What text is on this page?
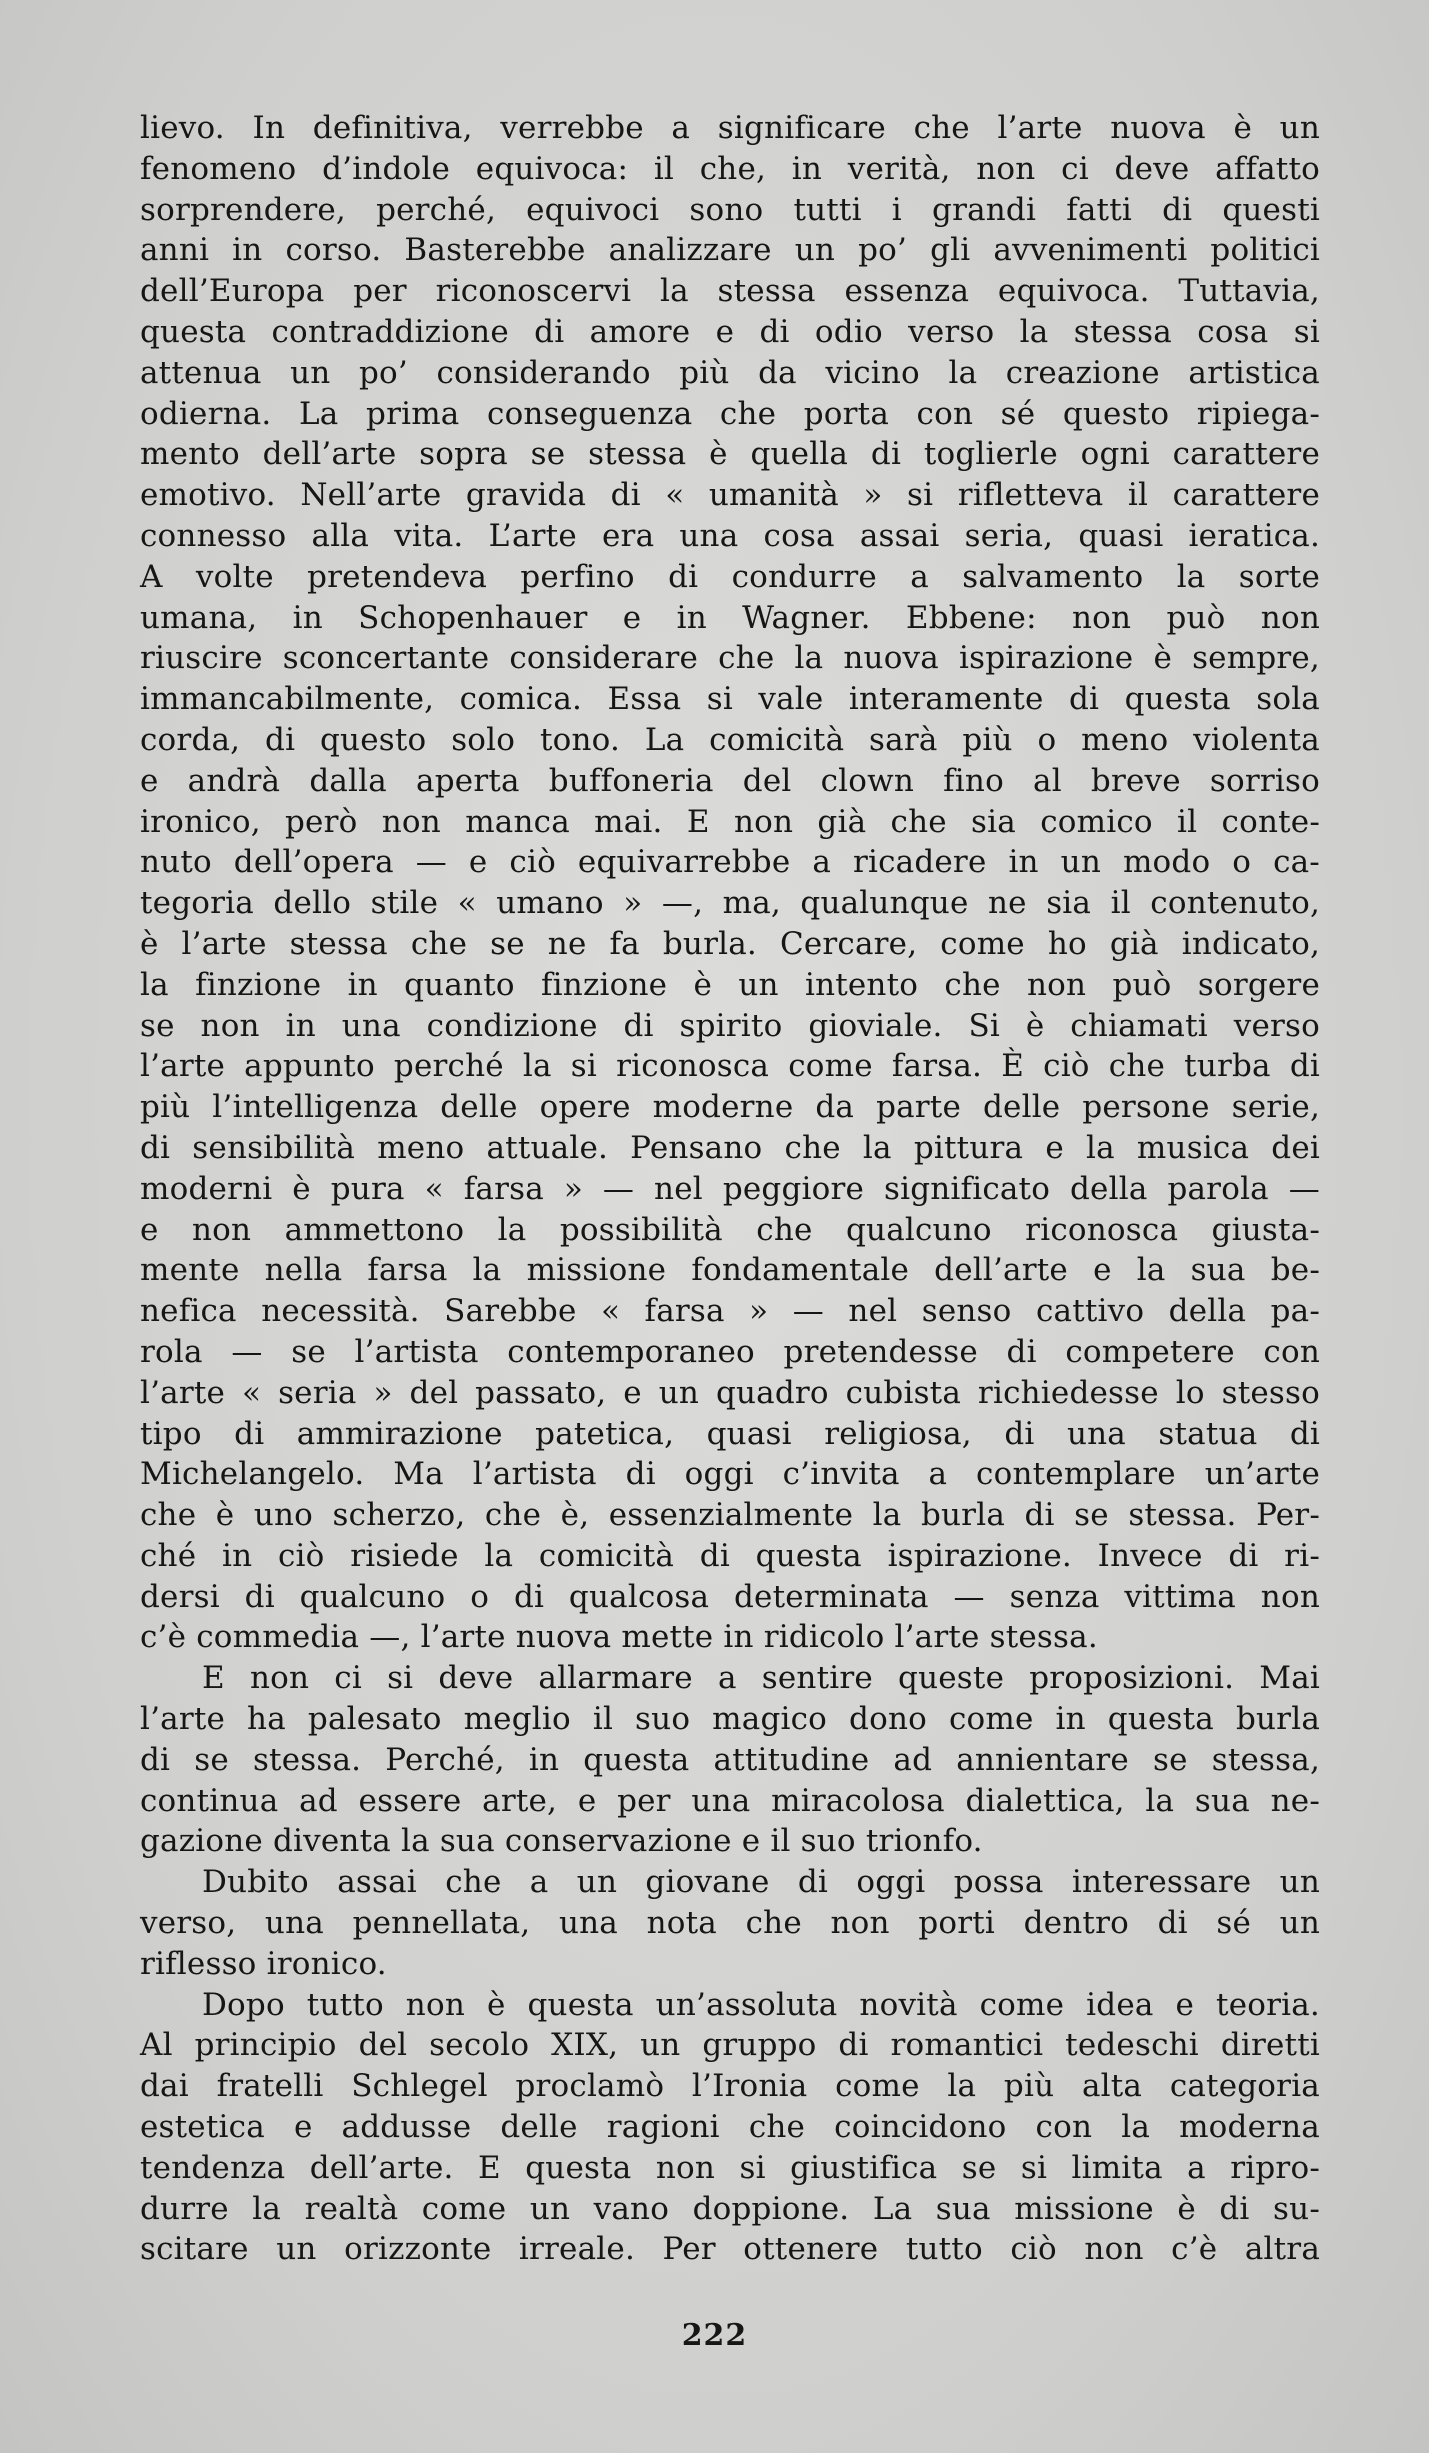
lievo. In definitiva, verrebbe a significare che l’arte nuova è un
fenomeno d’indole equivoca: il che, in verità, non ci deve affatto
sorprendere, perché, equivoci sono tutti i grandi fatti di questi
anni in corso. Basterebbe analizzare un po’ gli avvenimenti politici
dell’Europa per riconoscervi la stessa essenza equivoca. Tuttavia,
questa contraddizione di amore e di odio verso la stessa cosa si
attenua un po’ considerando più da vicino la creazione artistica
odierna. La prima conseguenza che porta con sé questo ripiega-
mento dell’arte sopra se stessa è quella di toglierle ogni carattere
emotivo. Nell’arte gravida di « umanità » si rifletteva il carattere
connesso alla vita. L’arte era una cosa assai seria, quasi ieratica.
A volte pretendeva perfino di condurre a salvamento la sorte
umana, in Schopenhauer e in Wagner. Ebbene: non può non
riuscire sconcertante considerare che la nuova ispirazione è sempre,
immancabilmente, comica. Essa si vale interamente di questa sola
corda, di questo solo tono. La comicità sarà più o meno violenta
e andrà dalla aperta buffoneria del clown fino al breve sorriso
ironico, però non manca mai. E non già che sia comico il conte-
nuto dell’opera — e ciò equivarrebbe a ricadere in un modo o ca-
tegoria dello stile « umano » —, ma, qualunque ne sia il contenuto,
è l’arte stessa che se ne fa burla. Cercare, come ho già indicato,
la finzione in quanto finzione è un intento che non può sorgere
se non in una condizione di spirito gioviale. Si è chiamati verso
l’arte appunto perché la si riconosca come farsa. È ciò che turba di
più l’intelligenza delle opere moderne da parte delle persone serie,
di sensibilità meno attuale. Pensano che la pittura e la musica dei
moderni è pura « farsa » — nel peggiore significato della parola —
e non ammettono la possibilità che qualcuno riconosca giusta-
mente nella farsa la missione fondamentale dell’arte e la sua be-
nefica necessità. Sarebbe « farsa » — nel senso cattivo della pa-
rola — se l’artista contemporaneo pretendesse di competere con
l’arte « seria » del passato, e un quadro cubista richiedesse lo stesso
tipo di ammirazione patetica, quasi religiosa, di una statua di
Michelangelo. Ma l’artista di oggi c’invita a contemplare un’arte
che è uno scherzo, che è, essenzialmente la burla di se stessa. Per-
ché in ciò risiede la comicità di questa ispirazione. Invece di ri-
dersi di qualcuno o di qualcosa determinata — senza vittima non
c’è commedia —, l’arte nuova mette in ridicolo l’arte stessa.
E non ci si deve allarmare a sentire queste proposizioni. Mai
l’arte ha palesato meglio il suo magico dono come in questa burla
di se stessa. Perché, in questa attitudine ad annientare se stessa,
continua ad essere arte, e per una miracolosa dialettica, la sua ne-
gazione diventa la sua conservazione e il suo trionfo.
Dubito assai che a un giovane di oggi possa interessare un
verso, una pennellata, una nota che non porti dentro di sé un
riflesso ironico.
Dopo tutto non è questa un’assoluta novità come idea e teoria.
Al principio del secolo XIX, un gruppo di romantici tedeschi diretti
dai fratelli Schlegel proclamò l’Ironia come la più alta categoria
estetica e addusse delle ragioni che coincidono con la moderna
tendenza dell’arte. E questa non si giustifica se si limita a ripro-
durre la realtà come un vano doppione. La sua missione è di su-
scitare un orizzonte irreale. Per ottenere tutto ciò non c’è altra
222
